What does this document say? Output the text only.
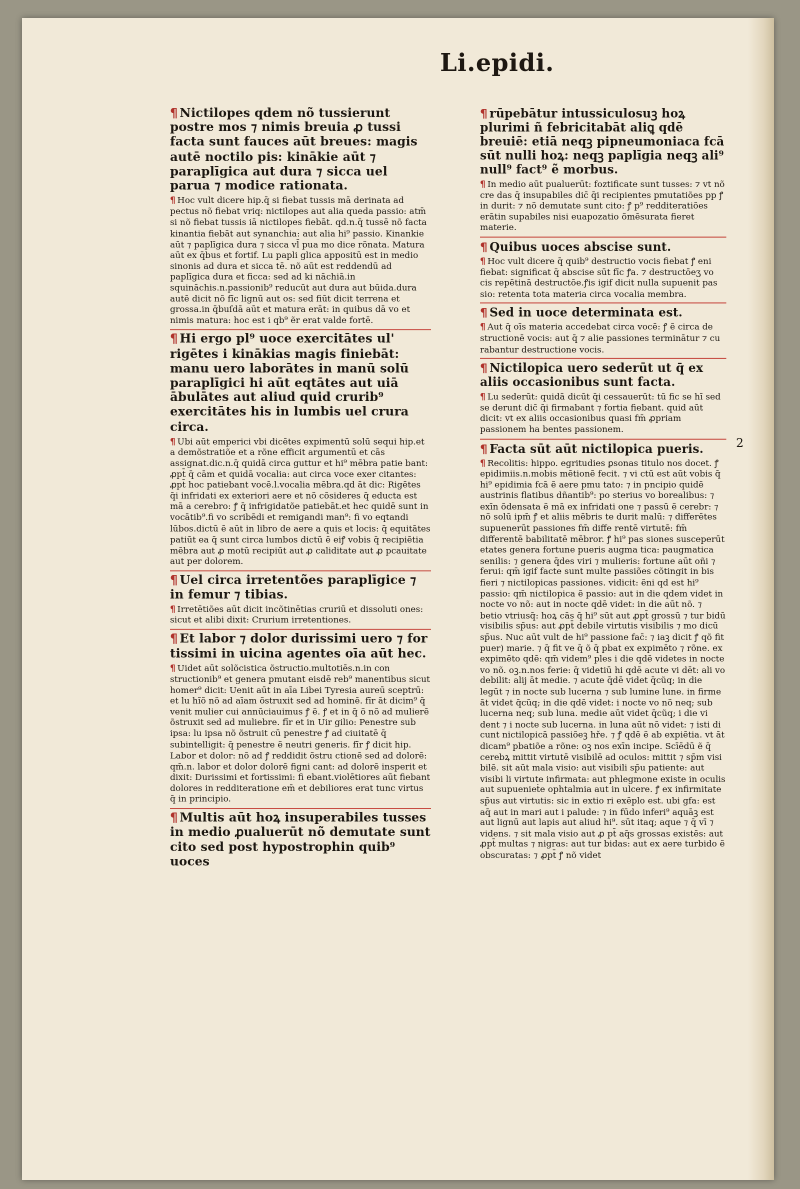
Li.epidi.
2
¶ Nictilopes qdem nõ tussierunt postre mos ⁊ nimis breuia ꝓ tussi facta sunt fauces aūt breues: magis autē noctilo pis: kinākie aūt ⁊ paraplīgica aut dura ⁊ sicca uel parua ⁊ modice rationata.
¶ Hoc vult dicere hip.q̄ si fiebat tussis mā derinata ad pectus nõ fiebat vriq: nictilopes aut alia queda passio: atm̄ si nõ fiebat tussis iā nictilopes fiebāt. qd.n.q̄ tussē nõ facta kinantia fiebāt aut synanchia: aut alia hi⁹ passio. Kinankie aūt ⁊ paplīgica dura ⁊ sicca vl̄ pua mo dice rõnata. Matura aūt ex q̄bus et fortif. Lu papli glica appositū est in medio sinonis ad dura et sicca tē. nõ aūt est reddendū ad paplīgica dura et ficca: sed ad ki nāchiā.in squināchis.n.passionib⁹ reducūt aut dura aut būida.dura autē dicit nõ fīc lignū aut os: sed fiūt dicit terrena et grossa.in q̄buſdā aūt et matura erāt: in quibus dā vo et nimis matura: hoc est i qb⁹ ẽr erat valde fortē.
¶ Hi ergo pl⁹ uoce exercitātes ul' rigētes i kinākias magis finiebāt: manu uero laborātes in manū solū paraplīgici hi aūt eqtātes aut uiā ābulātes aut aliud quid crurib⁹ exercitātes his in lumbis uel crura circa.
¶ Ubi aūt emperici vbi dicētes expimentū solū sequi hip.et a demõstratiõe et a rõne efficit argumentū et cās assignat.dic.n.q̄ quidā circa guttur et hi⁹ mēbra patie bant: ꝓpt̄ q̄ cām et quidā vocalia: aut circa voce exer citantes: ꝓpt̄ hoc patiebant vocē.l.vocalia mēbra.qd āt dic: Rigētes q̄i infridati ex exteriori aere et nõ cõsideres q̄ educta est mā a cerebro: ꝭ q̄ infrigidatõe patiebāt.et hec quidē sunt in vocātib⁹.fi vo scribēdi et remigandi man⁹: fi vo eqtandi lūbos.dictū ē aūt in libro de aere a quis et locis: q̄ equitātes patiūt ea q̄ sunt circa lumbos dictū ē eiꝭ vobis q̄ recipiētia mēbra aut ꝓ motū recipiūt aut ꝓ caliditate aut ꝓ pcauitate aut per dolorem.
¶ Uel circa irretentões paraplīgice ⁊ in femur ⁊ tibias.
¶ Irretētiões aūt dicit incõtinētias cruriū et dissoluti ones: sicut et alibi dixit: Crurium irretentiones.
¶ Et labor ⁊ dolor durissimi uero ⁊ for tissimi in uicina agentes oīa aūt hec.
¶ Uidet aūt solõcistica õstructio.multotiēs.n.in con structionib⁹ et genera pmutant eisdē reb⁹ manentibus sicut homer⁹ dicit: Uenit aūt in aīa Libei Tyresia aureū sceptrū: et lu hĩõ nõ ad aīam õstruxit sed ad hominē. fīr āt dicim⁹ q̄ venit mulier cui annūciauimus ꝭ ẽ. ꝭ et in q̄ õ nõ ad mulierē õstruxit sed ad muliebre. fīr et in Uir gilio: Penestre sub ipsa: lu ipsa nõ õstruit cū penestre ꝭ ad ciuitatē q̄ subintelligit: q̄ penestre ẽ neutri generis. fīr ꝭ dicit hip. Labor et dolor: nõ ad ꝭ reddidit õstru ctionē sed ad dolorē: qm̄.n. labor et dolor dolorē figni cant: ad dolorē insperit et dixit: Durissimi et fortissimi: fi ebant.violētiores aūt fiebant dolores in redditeratione em̄ et debiliores erat tunc virtus q̄ in principio.
¶ Multis aūt hoꝝ insuperabiles tusses in medio ꝓualuerūt nõ demutate sunt cito sed post hypostrophin quib⁹ uoces
¶ rūpebātur intussiculosuꝫ hoꝝ plurimi ñ febricitabāt aliꝗ qdē breuiē: etiā neqꝫ pipneumoniaca fcā sūt nulli hoꝝ: neqꝫ paplīgia neqꝫ ali⁹ null⁹ fact⁹ ẽ morbus.
¶ In medio aūt pualuerūt: foztificate sunt tusses: ⁊ vt nõ cre das q̄ insupabiles dic̄ q̄i recipientes pmutatiões pp ꝭ in durit: ⁊ nõ demutate sunt cito: ꝭ p⁹ redditeratiões erātin supabiles nisi euapozatio õmēsurata fieret materie.
¶ Quibus uoces abscise sunt.
¶ Hoc vult dicere q̄ quib⁹ destructio vocis fiebat ꝭ eni fiebat: significat q̄ abscise sūt fīc ꝭa. ⁊ destructōeʒ vo cis repētinā destructōe.ꝭis igif dicit nulla supuenit pas sio: retenta tota materia circa vocalia membra.
¶ Sed in uoce determinata est.
¶ Aut q̄ oīs materia accedebat circa vocē: ꝭ ẽ circa de structionē vocis: aut q̄ ⁊ alie passiones terminātur ⁊ cu rabantur destructione vocis.
¶ Nictilopica uero sederūt ut q̄ ex aliis occasionibus sunt facta.
¶ Lu sederūt: quidā dicūt q̄i cessauerūt: tū fic se hī sed se derunt dic̄ q̄i firmabant ⁊ fortia fiebant. quid aūt dicit: vt ex aliis occasionibus quasi fm̄ ꝓpriam passionem ha bentes passionem.
¶ Facta sūt aūt nictilopica pueris.
¶ Recolitis: hippo. egritudies ꝑsonas titulo nos docet. ꝭ epidimiis.n.mobis mētionē fecit. ⁊ vi ctū est aūt vobis q̄ hi⁹ epidimia fcā ẽ aere pmu tato: ⁊ in pncipio quidē austrinis flatibus dñantib⁹: po sterius vo borealibus: ⁊ exīn õdensata ẽ mā ex infridati one ⁊ passū ẽ cerebr: ⁊ nõ solū ipm̄ ꝭ et aliis mēbris te durit malū: ⁊ differētes supuenerūt passiones fm̄ diffe rentē virtutē: fm̄ differentē babilitatē mēbror. ꝭ hi⁹ pas siones susceperūt etates genera fortune pueris augma tica: paugmatica senilis: ⁊ genera q̄des viri ⁊ mulieris: fortune aūt oñi ⁊ ferui: qm̄ igif facte sunt multe passiões cõtingit in bis fieri ⁊ nictilopicas passiones. vidicit: ẽni qd est hi⁹ passio: qm̄ nictilopica ẽ passio: aut in die qdem videt in nocte vo nõ: aut in nocte qdē videt: in die aūt nõ. ⁊ betio vtriusq̄: hoꝝ cās q̄ hi⁹ sūt aut ꝓpt̄ grossū ⁊ tur bidū visibilis sp̄us: aut ꝓpt̄ debile virtutis visibilis ⁊ mo dicū sp̄us. Nuc aūt vult de hi⁹ passione fac̄: ⁊ iaꝫ dicit ꝭ qõ fit puer) marie. ⁊ q̄ fit ve q̄ õ q̄ pbat ex expimēto ⁊ rõne. ex expimēto qdē: qm̄ videm⁹ ples i die qdē videtes in nocte vo nõ. oꝫ.n.nos ferie: q̄ videtiū hi qdē acute vi dēt: ali vo debilit: alij āt medie. ⁊ acute q̄dē videt q̄cũq; in die legūt ⁊ in nocte sub lucerna ⁊ sub lumine lune. in firme āt videt q̄cũq; in die qdē videt: i nocte vo nõ neq; sub lucerna neq; sub luna. medie aūt videt q̄cũq; i die vi dent ⁊ i nocte sub lucerna. in luna aūt nõ videt: ⁊ isti di cunt nictilopicā passiõeꝫ hře. ⁊ ꝭ qdē ẽ ab expiētia. vt āt dicam⁹ pbatiõe a rõne: oꝫ nos exīn incipe. Scīēdū ẽ q̄ cerebꝝ mittit virtutē visibilē ad oculos: mittit ⁊ sp̄m visi bilē. sit aūt mala visio: aut visibili sp̄u patiente: aut visibi li virtute infirmata: aut phlegmone existe in oculis aut supuenieṫe ophtalmia aut in ulcere. ꝭ ex infirmitate sp̄us aut virtutis: sic in extio ri exēplo est. ubi gfa: est aq̄ aut in mari aut i palude: ⁊ in fūdo inferi⁹ aquāꝫ est aut lignū aut lapis aut aliud hi⁹. sūt itaq; aque ⁊ q̄ vī ⁊ videns. ⁊ sit mala visio aut ꝓ pt̄ aq̄s grossas existēs: aut ꝓpt̄ multas ⁊ nigras: aut tur bidas: aut ex aere turbido ẽ obscuratas: ⁊ ꝓpt̄ ꝭ nõ videt
